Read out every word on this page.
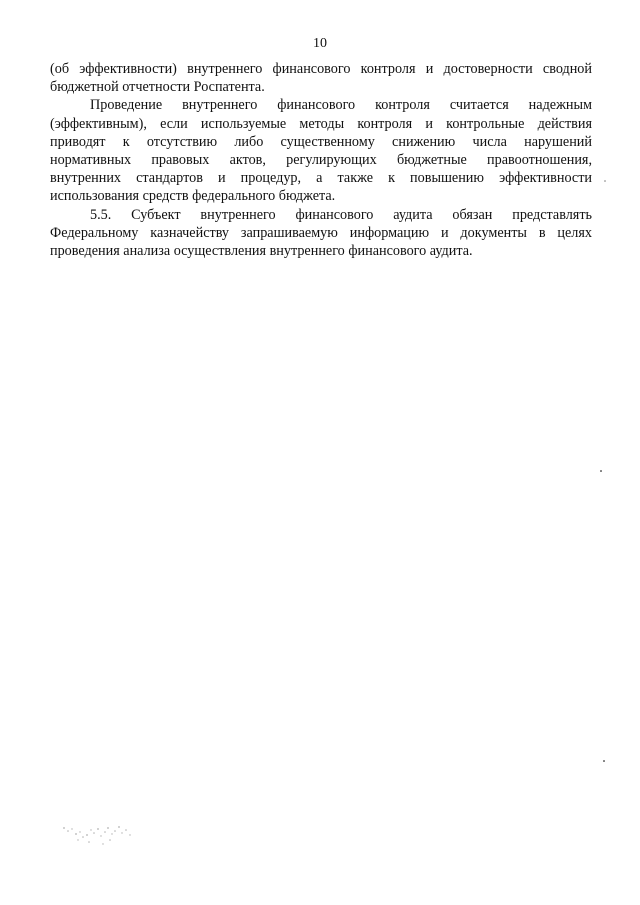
10

(об эффективности) внутреннего финансового контроля и достоверности сводной
бюджетной отчетности Роспатента.

Проведение внутреннего финансового контроля считается надежным
(эффективным), если используемые методы контроля и контрольные действия
приводят к отсутствию либо существенному снижению числа нарушений
нормативных правовых актов, регулирующих бюджетные правоотношения,
внутренних стандартов и процедур, а также к повышению эффективности
использования средств федерального бюджета.

5.5. Субъект внутреннего финансового аудита обязан представлять
Федеральному казначейству запрашиваемую информацию и документы в целях
проведения анализа осуществления внутреннего финансового аудита.
